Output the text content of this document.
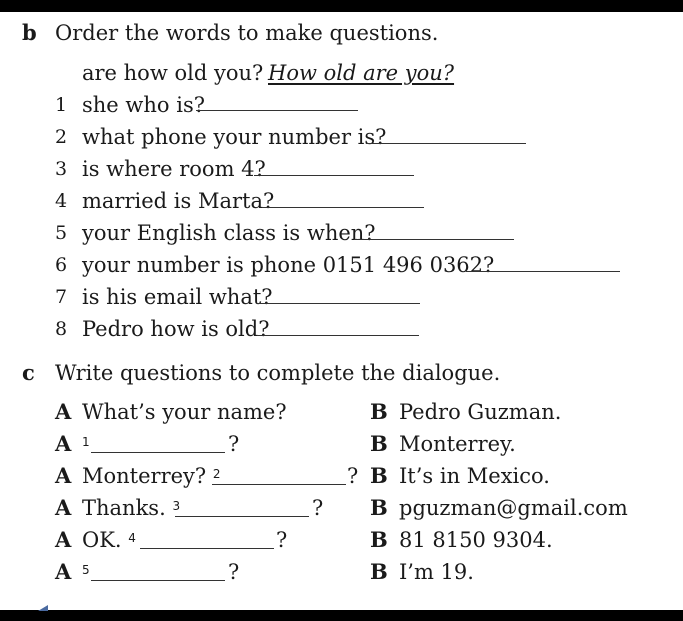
b Order the words to make questions.
are how old you? How old are you?
1 she who is?
2 what phone your number is?
3 is where room 4?
4 married is Marta?
5 your English class is when?
6 your number is phone 0151 496 0362?
7 is his email what?
8 Pedro how is old?
c Write questions to complete the dialogue.
A What’s your name?	B Pedro Guzman.
A $^1$	?	B Monterrey.
A Monterrey? $^2$	? B It’s in Mexico.
A Thanks. $^3$	? B pguzman@gmail.com
A OK. $^4$	?	B 81 8150 9304.
A $^5$	?	B I’m 19.
